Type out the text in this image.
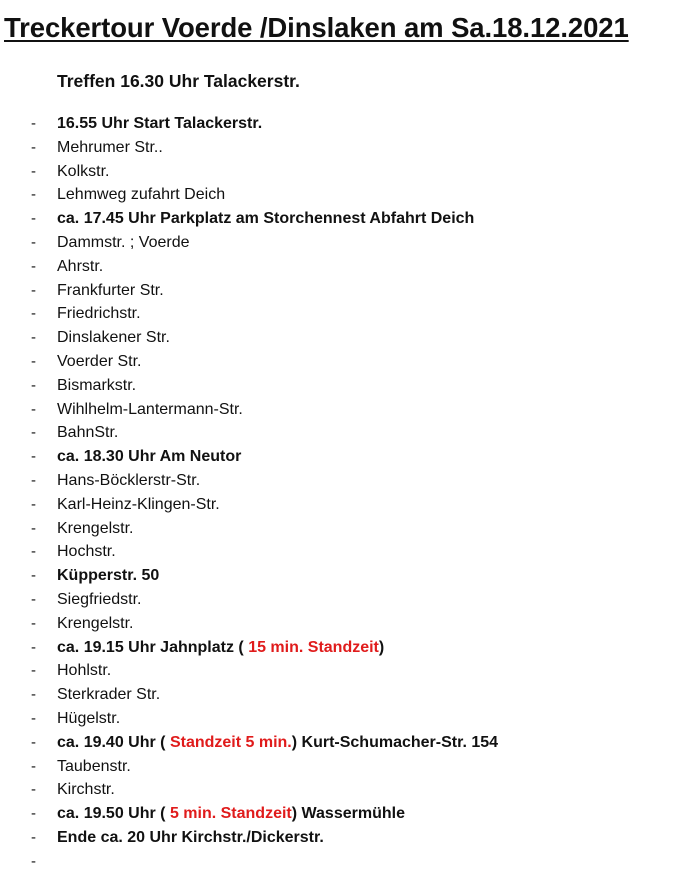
Treckertour Voerde /Dinslaken am Sa.18.12.2021
Treffen 16.30 Uhr Talackerstr.
- 16.55 Uhr Start Talackerstr.
- Mehrumer Str..
- Kolkstr.
- Lehmweg zufahrt Deich
- ca. 17.45 Uhr Parkplatz am Storchennest Abfahrt Deich
- Dammstr. ; Voerde
- Ahrstr.
- Frankfurter Str.
- Friedrichstr.
- Dinslakener Str.
- Voerder Str.
- Bismarkstr.
- Wihlhelm-Lantermann-Str.
- BahnStr.
- ca. 18.30 Uhr Am Neutor
- Hans-Böcklerstr-Str.
- Karl-Heinz-Klingen-Str.
- Krengelstr.
- Hochstr.
- Küpperstr. 50
- Siegfriedstr.
- Krengelstr.
- ca. 19.15 Uhr Jahnplatz ( 15 min. Standzeit)
- Hohlstr.
- Sterkrader Str.
- Hügelstr.
- ca. 19.40 Uhr ( Standzeit 5 min.) Kurt-Schumacher-Str. 154
- Taubenstr.
- Kirchstr.
- ca. 19.50 Uhr ( 5 min. Standzeit) Wassermühle
- Ende ca. 20 Uhr Kirchstr./Dickerstr.
-
